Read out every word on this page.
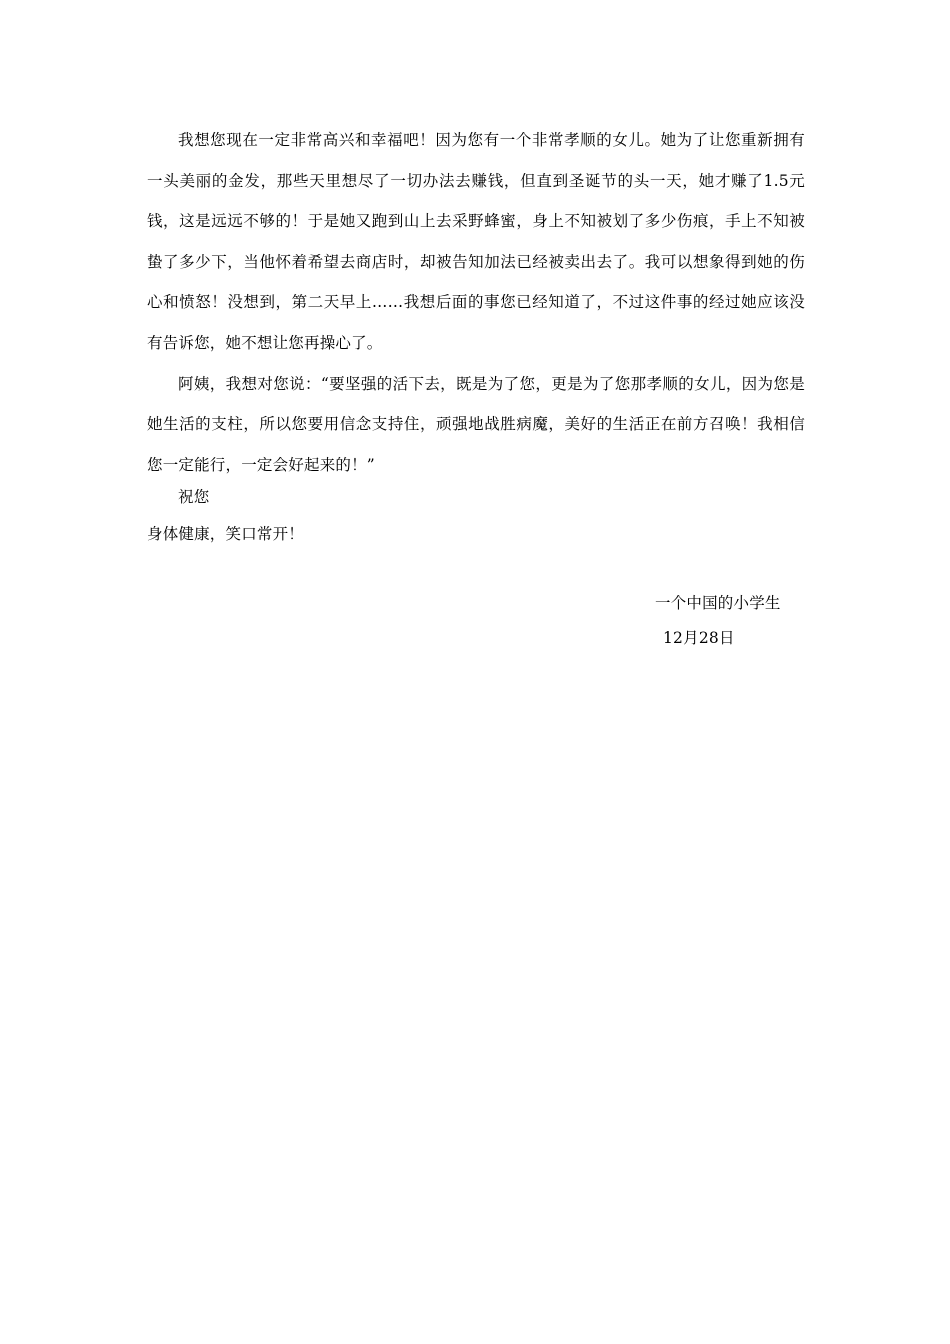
我想您现在一定非常高兴和幸福吧！因为您有一个非常孝顺的女儿。她为了让您重新拥有一头美丽的金发，那些天里想尽了一切办法去赚钱，但直到圣诞节的头一天，她才赚了1.5元钱，这是远远不够的！于是她又跑到山上去采野蜂蜜，身上不知被划了多少伤痕，手上不知被蛰了多少下，当他怀着希望去商店时，却被告知加法已经被卖出去了。我可以想象得到她的伤心和愤怒！没想到，第二天早上……我想后面的事您已经知道了，不过这件事的经过她应该没有告诉您，她不想让您再操心了。

阿姨，我想对您说：“要坚强的活下去，既是为了您，更是为了您那孝顺的女儿，因为您是她生活的支柱，所以您要用信念支持住，顽强地战胜病魔，美好的生活正在前方召唤！我相信您一定能行，一定会好起来的！”

祝您
身体健康，笑口常开！
一个中国的小学生
12月28日
